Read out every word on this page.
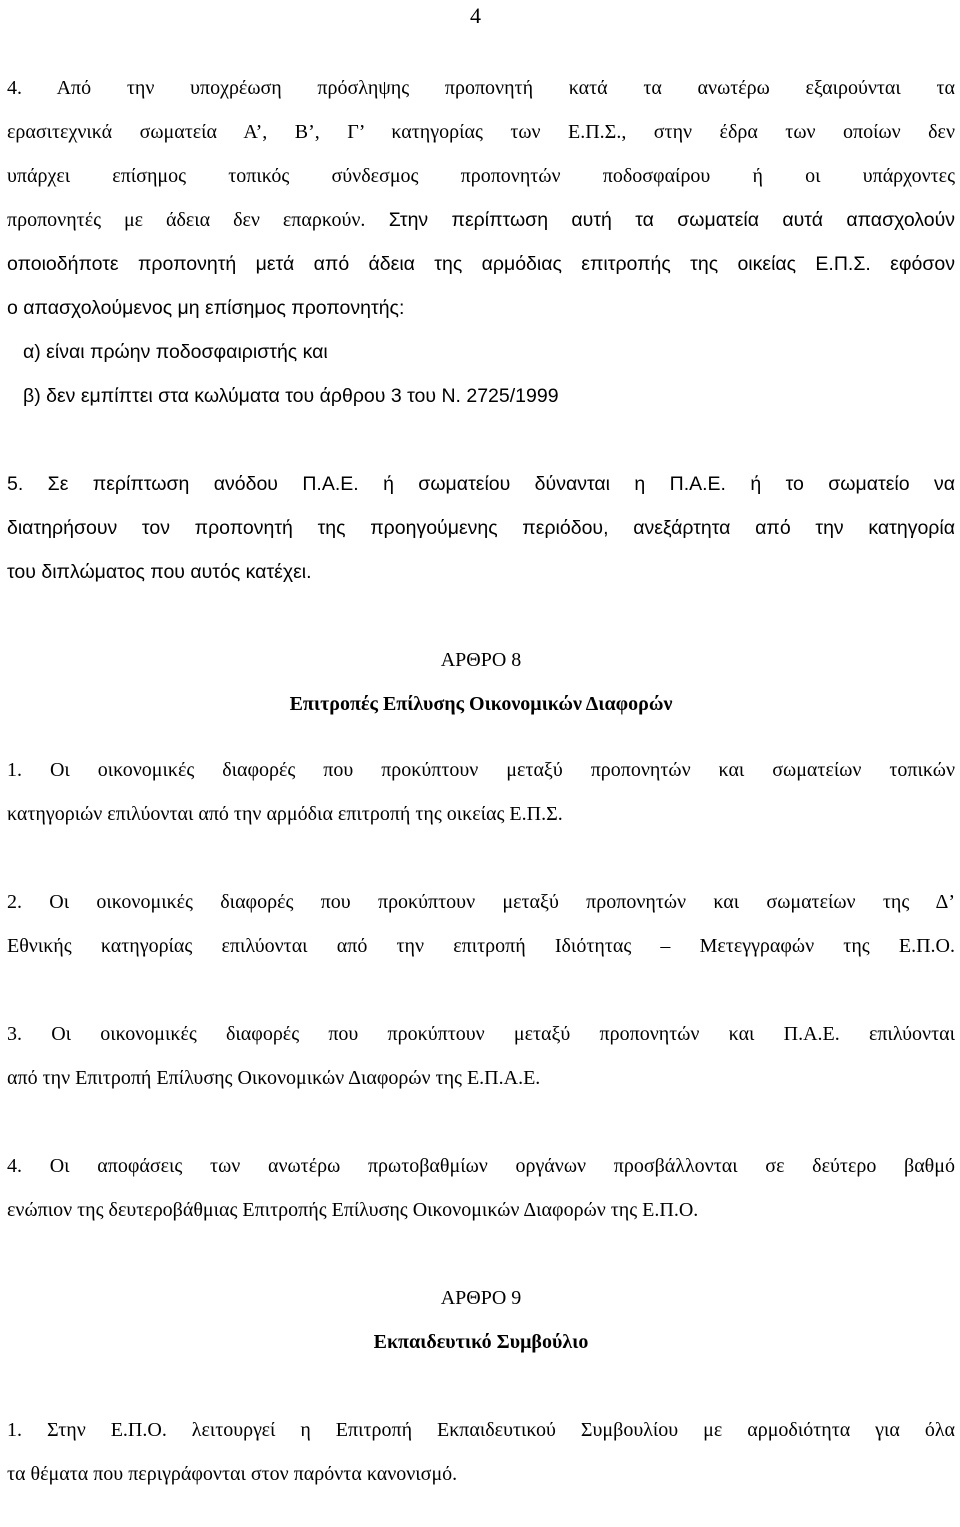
4
4. Από την υποχρέωση πρόσληψης προπονητή κατά τα ανωτέρω εξαιρούνται τα
ερασιτεχνικά σωματεία Α’, Β’, Γ’ κατηγορίας των Ε.Π.Σ., στην έδρα των οποίων δεν
υπάρχει επίσημος τοπικός σύνδεσμος προπονητών ποδοσφαίρου ή οι υπάρχοντες
προπονητές με άδεια δεν επαρκούν. Στην περίπτωση αυτή τα σωματεία αυτά απασχολούν
οποιοδήποτε προπονητή μετά από άδεια της αρμόδιας επιτροπής της οικείας Ε.Π.Σ. εφόσον
ο απασχολούμενος μη επίσημος προπονητής:
α) είναι πρώην ποδοσφαιριστής και
β) δεν εμπίπτει στα κωλύματα του άρθρου 3 του Ν. 2725/1999
5. Σε περίπτωση ανόδου Π.Α.Ε. ή σωματείου δύνανται η Π.Α.Ε. ή το σωματείο να
διατηρήσουν τον προπονητή της προηγούμενης περιόδου, ανεξάρτητα από την κατηγορία
του διπλώματος που αυτός κατέχει.
ΑΡΘΡΟ 8
Επιτροπές Επίλυσης Οικονομικών Διαφορών
1. Οι οικονομικές διαφορές που προκύπτουν μεταξύ προπονητών και σωματείων τοπικών
κατηγοριών επιλύονται από την αρμόδια επιτροπή της οικείας Ε.Π.Σ.
2. Οι οικονομικές διαφορές που προκύπτουν μεταξύ προπονητών και σωματείων της Δ’
Εθνικής κατηγορίας επιλύονται από την επιτροπή Ιδιότητας – Μετεγγραφών της Ε.Π.Ο.
3. Οι οικονομικές διαφορές που προκύπτουν μεταξύ προπονητών και Π.Α.Ε. επιλύονται
από την Επιτροπή Επίλυσης Οικονομικών Διαφορών της Ε.Π.Α.Ε.
4. Οι αποφάσεις των ανωτέρω πρωτοβαθμίων οργάνων προσβάλλονται σε δεύτερο βαθμό
ενώπιον της δευτεροβάθμιας Επιτροπής Επίλυσης Οικονομικών Διαφορών της Ε.Π.Ο.
ΑΡΘΡΟ 9
Εκπαιδευτικό Συμβούλιο
1. Στην Ε.Π.Ο. λειτουργεί η Επιτροπή Εκπαιδευτικού Συμβουλίου με αρμοδιότητα για όλα
τα θέματα που περιγράφονται στον παρόντα κανονισμό.
